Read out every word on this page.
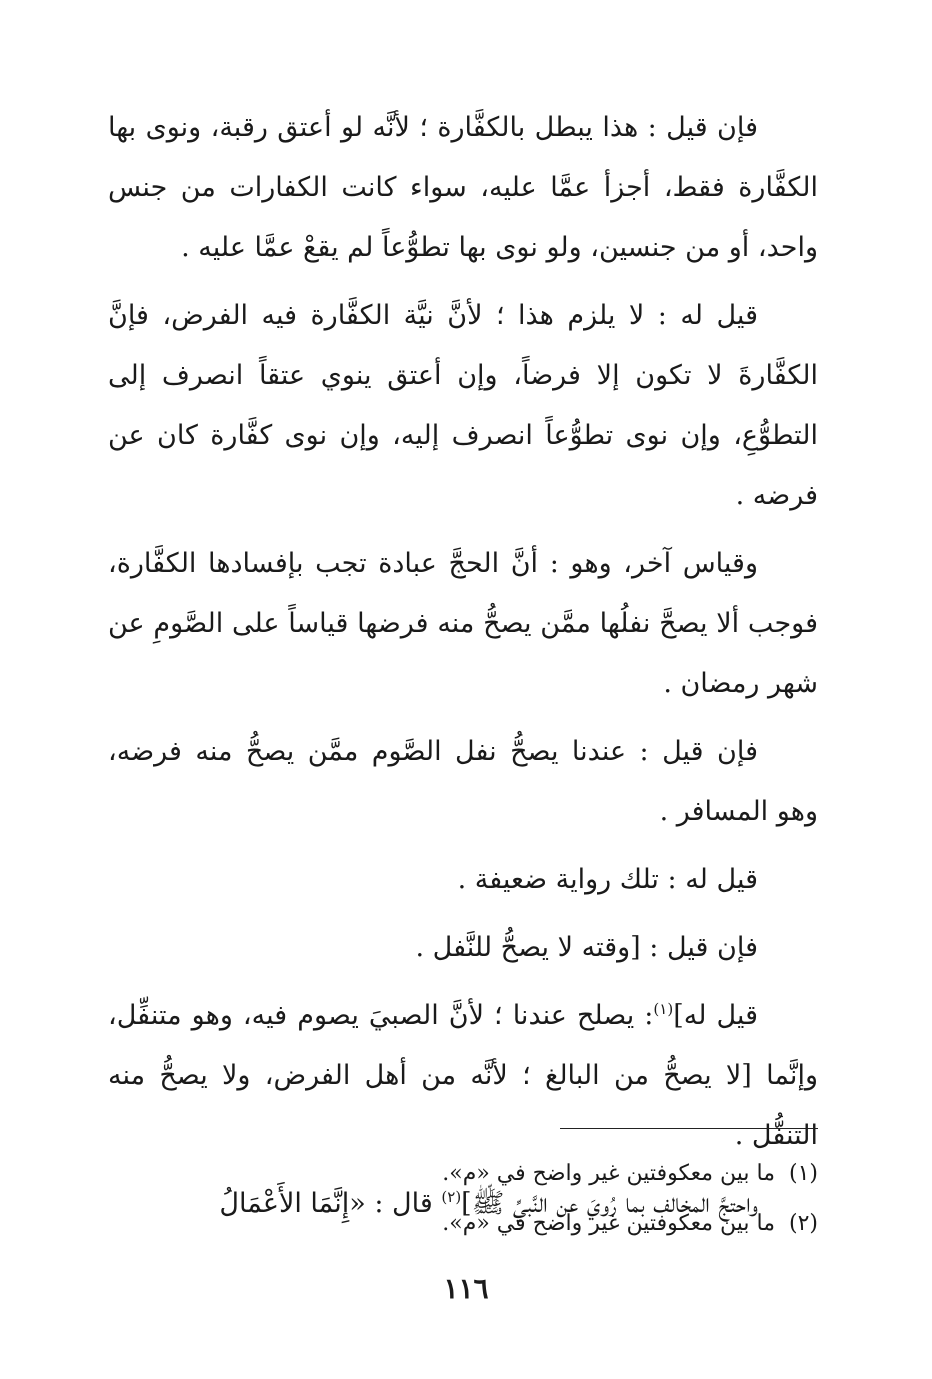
فإن قيل : هذا يبطل بالكفَّارة ؛ لأنَّه لو أعتق رقبة، ونوى بها الكفَّارة فقط، أجزأ عمَّا عليه، سواء كانت الكفارات من جنس واحد، أو من جنسين، ولو نوى بها تطوُّعاً لم يقعْ عمَّا عليه .

قيل له : لا يلزم هذا ؛ لأنَّ نيَّة الكفَّارة فيه الفرض، فإنَّ الكفَّارةَ لا تكون إلا فرضاً، وإن أعتق ينوي عتقاً انصرف إلى التطوُّعِ، وإن نوى تطوُّعاً انصرف إليه، وإن نوى كفَّارة كان عن فرضه .

وقياس آخر، وهو : أنَّ الحجَّ عبادة تجب بإفسادها الكفَّارة، فوجب ألا يصحَّ نفلُها ممَّن يصحُّ منه فرضها قياساً على الصَّومِ عن شهر رمضان .

فإن قيل : عندنا يصحُّ نفل الصَّوم ممَّن يصحُّ منه فرضه، وهو المسافر .

قيل له : تلك رواية ضعيفة .

فإن قيل : [وقته لا يصحُّ للنَّفل .

قيل له]$^{(١)}$: يصلح عندنا ؛ لأنَّ الصبيَ يصوم فيه، وهو متنفِّل، وإنَّما [لا يصحُّ من البالغ ؛ لأنَّه من أهل الفرض، ولا يصحُّ منه التنفُّل .

واحتجَّ المخالف بما رُويَ عن النَّبيِّ ﷺ]$^{(٢)}$ قال : «إِنَّمَا الأَعْمَالُ

(١)ما بين معكوفتين غير واضح في «م».
(٢)ما بين معكوفتين غير واضح في «م».
١١٦
